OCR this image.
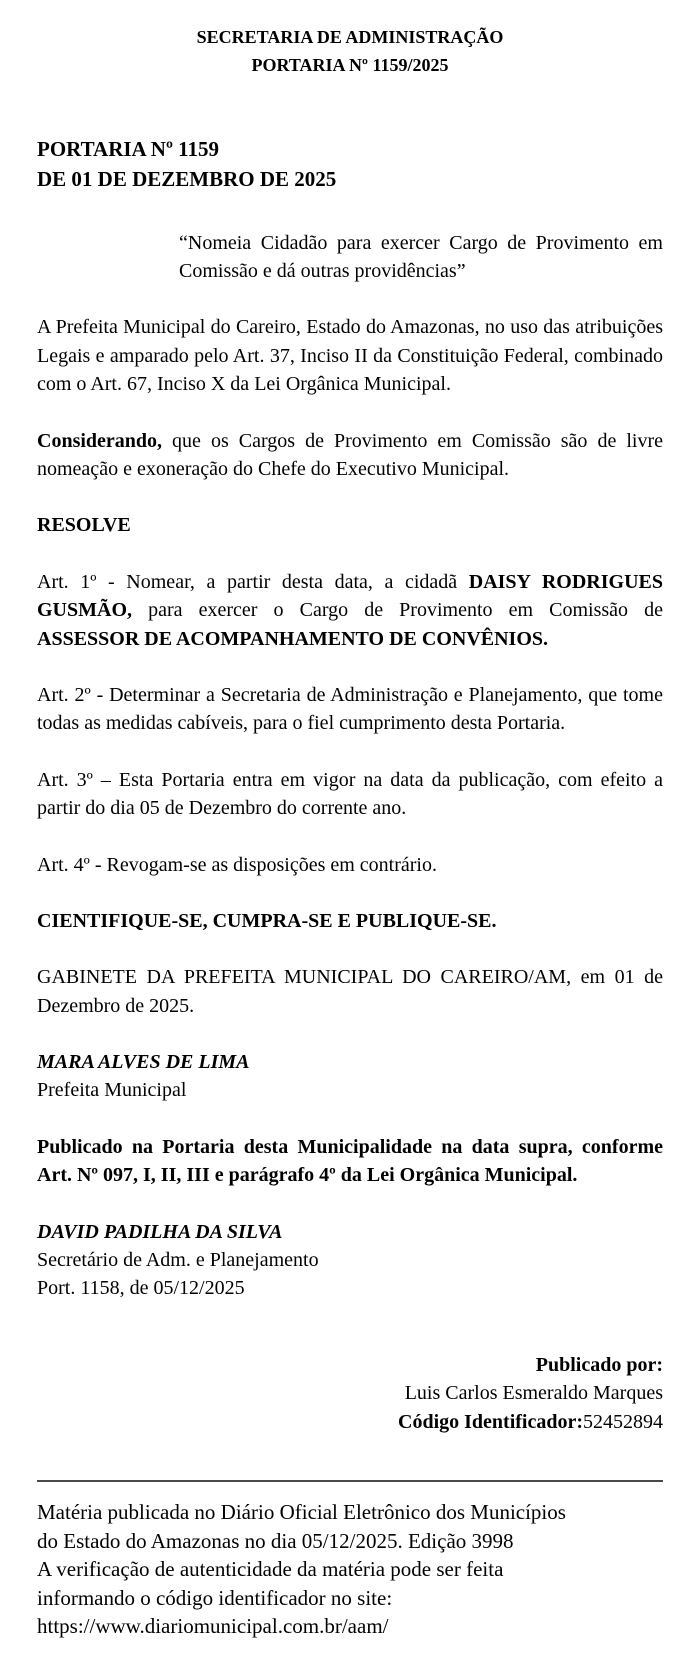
SECRETARIA DE ADMINISTRAÇÃO
PORTARIA Nº 1159/2025
PORTARIA Nº 1159
DE 01 DE DEZEMBRO DE 2025
“Nomeia Cidadão para exercer Cargo de Provimento em Comissão e dá outras providências”

A Prefeita Municipal do Careiro, Estado do Amazonas, no uso das atribuições Legais e amparado pelo Art. 37, Inciso II da Constituição Federal, combinado com o Art. 67, Inciso X da Lei Orgânica Municipal.

Considerando, que os Cargos de Provimento em Comissão são de livre nomeação e exoneração do Chefe do Executivo Municipal.

RESOLVE

Art. 1º - Nomear, a partir desta data, a cidadã DAISY RODRIGUES GUSMÃO, para exercer o Cargo de Provimento em Comissão de ASSESSOR DE ACOMPANHAMENTO DE CONVÊNIOS.

Art. 2º - Determinar a Secretaria de Administração e Planejamento, que tome todas as medidas cabíveis, para o fiel cumprimento desta Portaria.

Art. 3º – Esta Portaria entra em vigor na data da publicação, com efeito a partir do dia 05 de Dezembro do corrente ano.

Art. 4º - Revogam-se as disposições em contrário.

CIENTIFIQUE-SE, CUMPRA-SE E PUBLIQUE-SE.

GABINETE DA PREFEITA MUNICIPAL DO CAREIRO/AM, em 01 de Dezembro de 2025.

MARA ALVES DE LIMA

Prefeita Municipal

Publicado na Portaria desta Municipalidade na data supra, conforme Art. Nº 097, I, II, III e parágrafo 4º da Lei Orgânica Municipal.

DAVID PADILHA DA SILVA

Secretário de Adm. e Planejamento

Port. 1158, de 05/12/2025

Publicado por:
Luis Carlos Esmeraldo Marques
Código Identificador:52452894
Matéria publicada no Diário Oficial Eletrônico dos Municípios
do Estado do Amazonas no dia 05/12/2025. Edição 3998
A verificação de autenticidade da matéria pode ser feita
informando o código identificador no site:
https://www.diariomunicipal.com.br/aam/
